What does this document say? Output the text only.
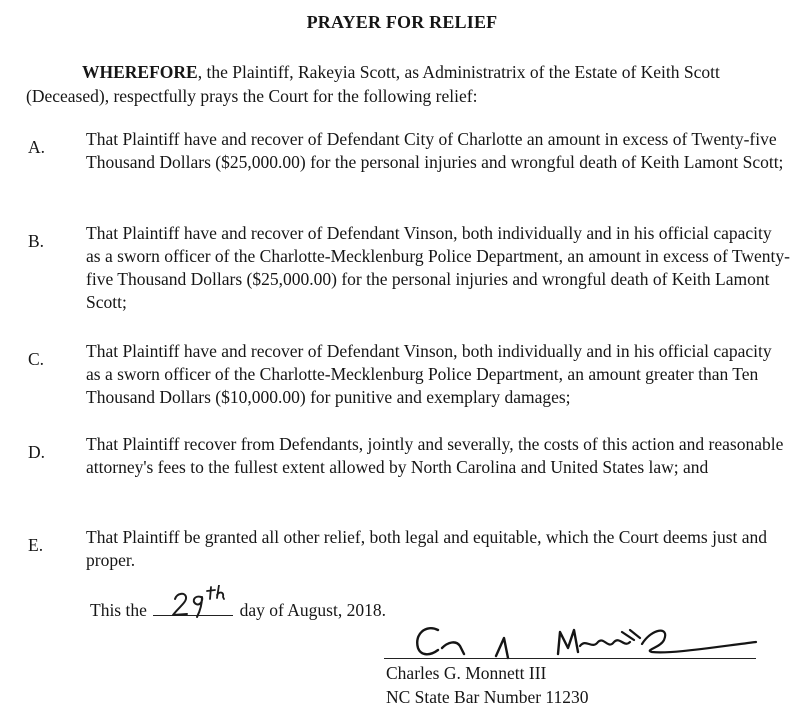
PRAYER FOR RELIEF

WHEREFORE, the Plaintiff, Rakeyia Scott, as Administratrix of the Estate of Keith Scott (Deceased), respectfully prays the Court for the following relief:

A. That Plaintiff have and recover of Defendant City of Charlotte an amount in excess of Twenty-five Thousand Dollars ($25,000.00) for the personal injuries and wrongful death of Keith Lamont Scott;
B. That Plaintiff have and recover of Defendant Vinson, both individually and in his official capacity as a sworn officer of the Charlotte-Mecklenburg Police Department, an amount in excess of Twenty-five Thousand Dollars ($25,000.00) for the personal injuries and wrongful death of Keith Lamont Scott;
C. That Plaintiff have and recover of Defendant Vinson, both individually and in his official capacity as a sworn officer of the Charlotte-Mecklenburg Police Department, an amount greater than Ten Thousand Dollars ($10,000.00) for punitive and exemplary damages;
D. That Plaintiff recover from Defendants, jointly and severally, the costs of this action and reasonable attorney's fees to the fullest extent allowed by North Carolina and United States law; and
E. That Plaintiff be granted all other relief, both legal and equitable, which the Court deems just and proper.
This the	day of August, 2018.
Charles G. Monnett III
NC State Bar Number 11230
